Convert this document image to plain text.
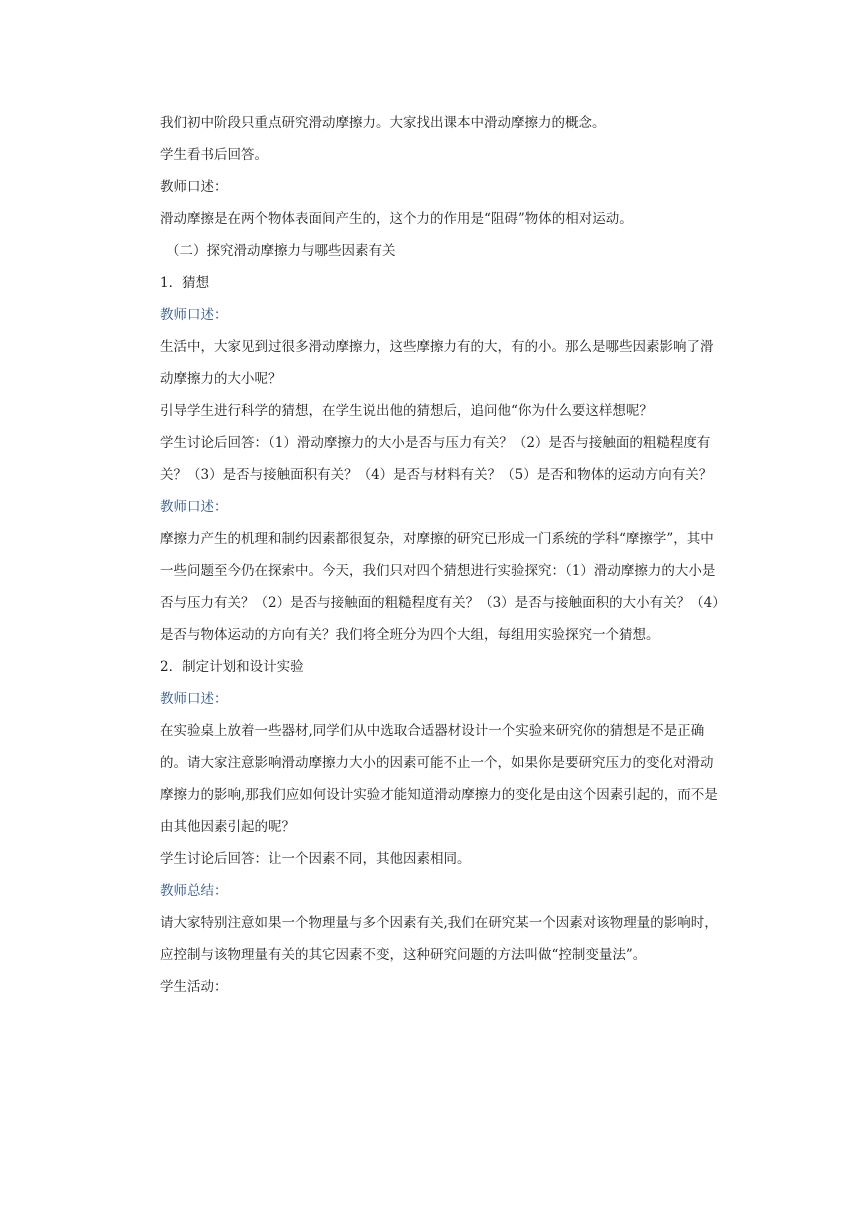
我们初中阶段只重点研究滑动摩擦力。大家找出课本中滑动摩擦力的概念。

学生看书后回答。

教师口述：

滑动摩擦是在两个物体表面间产生的，这个力的作用是“阻碍”物体的相对运动。

（二）探究滑动摩擦力与哪些因素有关

1．猜想

教师口述：

生活中，大家见到过很多滑动摩擦力，这些摩擦力有的大，有的小。那么是哪些因素影响了滑动摩擦力的大小呢？

引导学生进行科学的猜想，在学生说出他的猜想后，追问他“你为什么要这样想呢？

学生讨论后回答：（1）滑动摩擦力的大小是否与压力有关？（2）是否与接触面的粗糙程度有关？（3）是否与接触面积有关？（4）是否与材料有关？（5）是否和物体的运动方向有关？

教师口述：

摩擦力产生的机理和制约因素都很复杂，对摩擦的研究已形成一门系统的学科“摩擦学”，其中一些问题至今仍在探索中。今天，我们只对四个猜想进行实验探究：（1）滑动摩擦力的大小是否与压力有关？（2）是否与接触面的粗糙程度有关？（3）是否与接触面积的大小有关？（4）是否与物体运动的方向有关？我们将全班分为四个大组，每组用实验探究一个猜想。

2．制定计划和设计实验

教师口述：

在实验桌上放着一些器材,同学们从中选取合适器材设计一个实验来研究你的猜想是不是正确的。请大家注意影响滑动摩擦力大小的因素可能不止一个，如果你是要研究压力的变化对滑动摩擦力的影响,那我们应如何设计实验才能知道滑动摩擦力的变化是由这个因素引起的，而不是由其他因素引起的呢？

学生讨论后回答：让一个因素不同，其他因素相同。

教师总结：

请大家特别注意如果一个物理量与多个因素有关,我们在研究某一个因素对该物理量的影响时，应控制与该物理量有关的其它因素不变，这种研究问题的方法叫做“控制变量法”。

学生活动：
